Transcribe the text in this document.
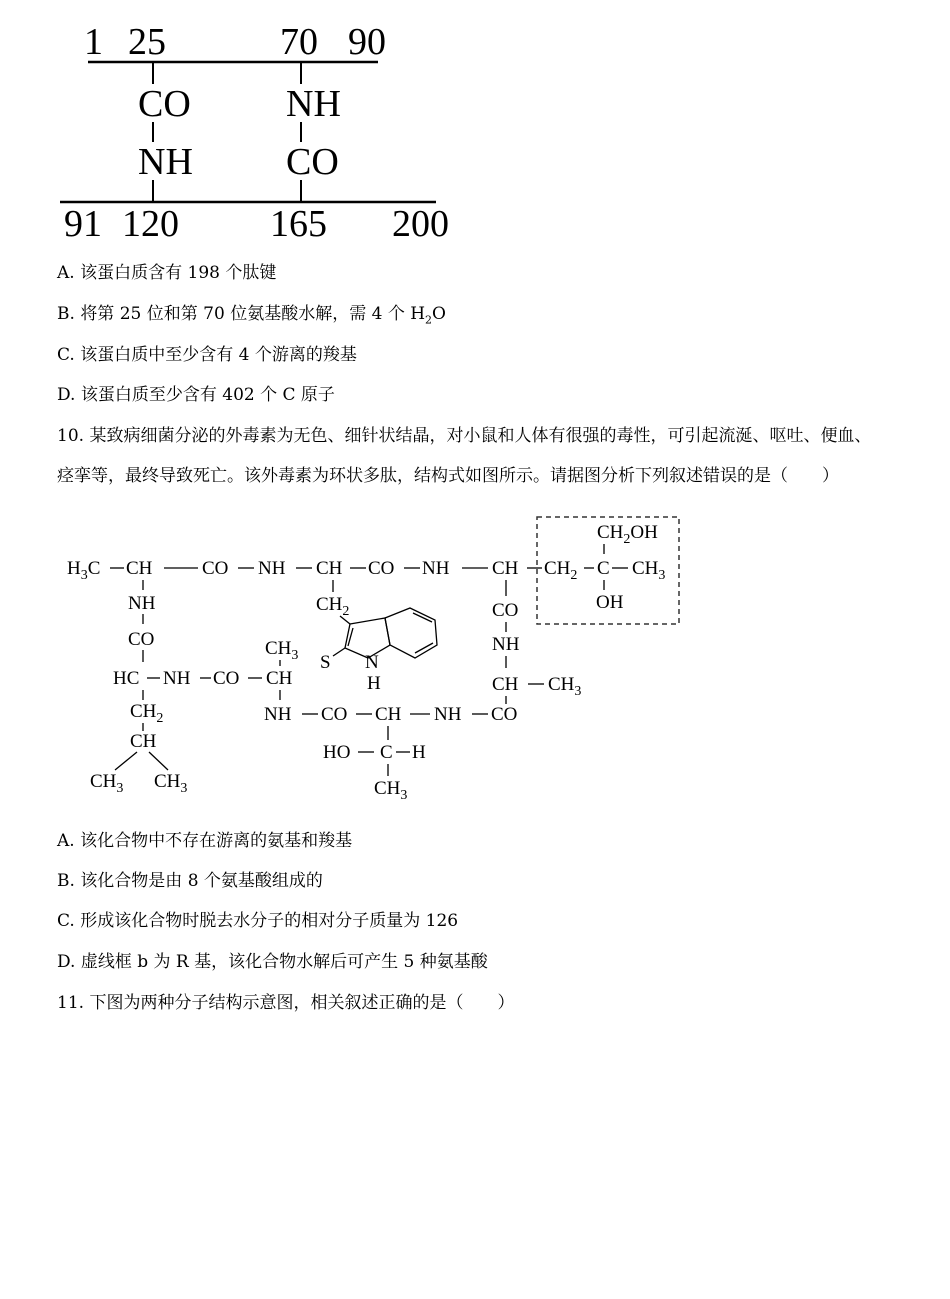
1 25	70 90
CO
NH
NH
CO
91 120 165 200
A. 该蛋白质含有 198 个肽键
B. 将第 25 位和第 70 位氨基酸水解，需 4 个 $H_2O$
C. 该蛋白质中至少含有 4 个游离的羧基
D. 该蛋白质至少含有 402 个 C 原子
10. 某致病细菌分泌的外毒素为无色、细针状结晶，对小鼠和人体有很强的毒性，可引起流涎、呕吐、便血、
痉挛等，最终导致死亡。该外毒素为环状多肽，结构式如图所示。请据图分析下列叙述错误的是（　　）
$H_3C$ CH	CO NH CH CO NH CH $CH_2$ C $CH_3$
$CH_2OH$
OH
NH
CO
HC NH CO CH
$CH_2$
CH
$CH_3$ $CH_3$
$CH_3$
NH CO CH NH CO
HO C H
$CH_3$
CO
NH
CH $CH_3$
$CH_2$
S N
H
A. 该化合物中不存在游离的氨基和羧基
B. 该化合物是由 8 个氨基酸组成的
C. 形成该化合物时脱去水分子的相对分子质量为 126
D. 虚线框 b 为 R 基，该化合物水解后可产生 5 种氨基酸
11. 下图为两种分子结构示意图，相关叙述正确的是（　　）
